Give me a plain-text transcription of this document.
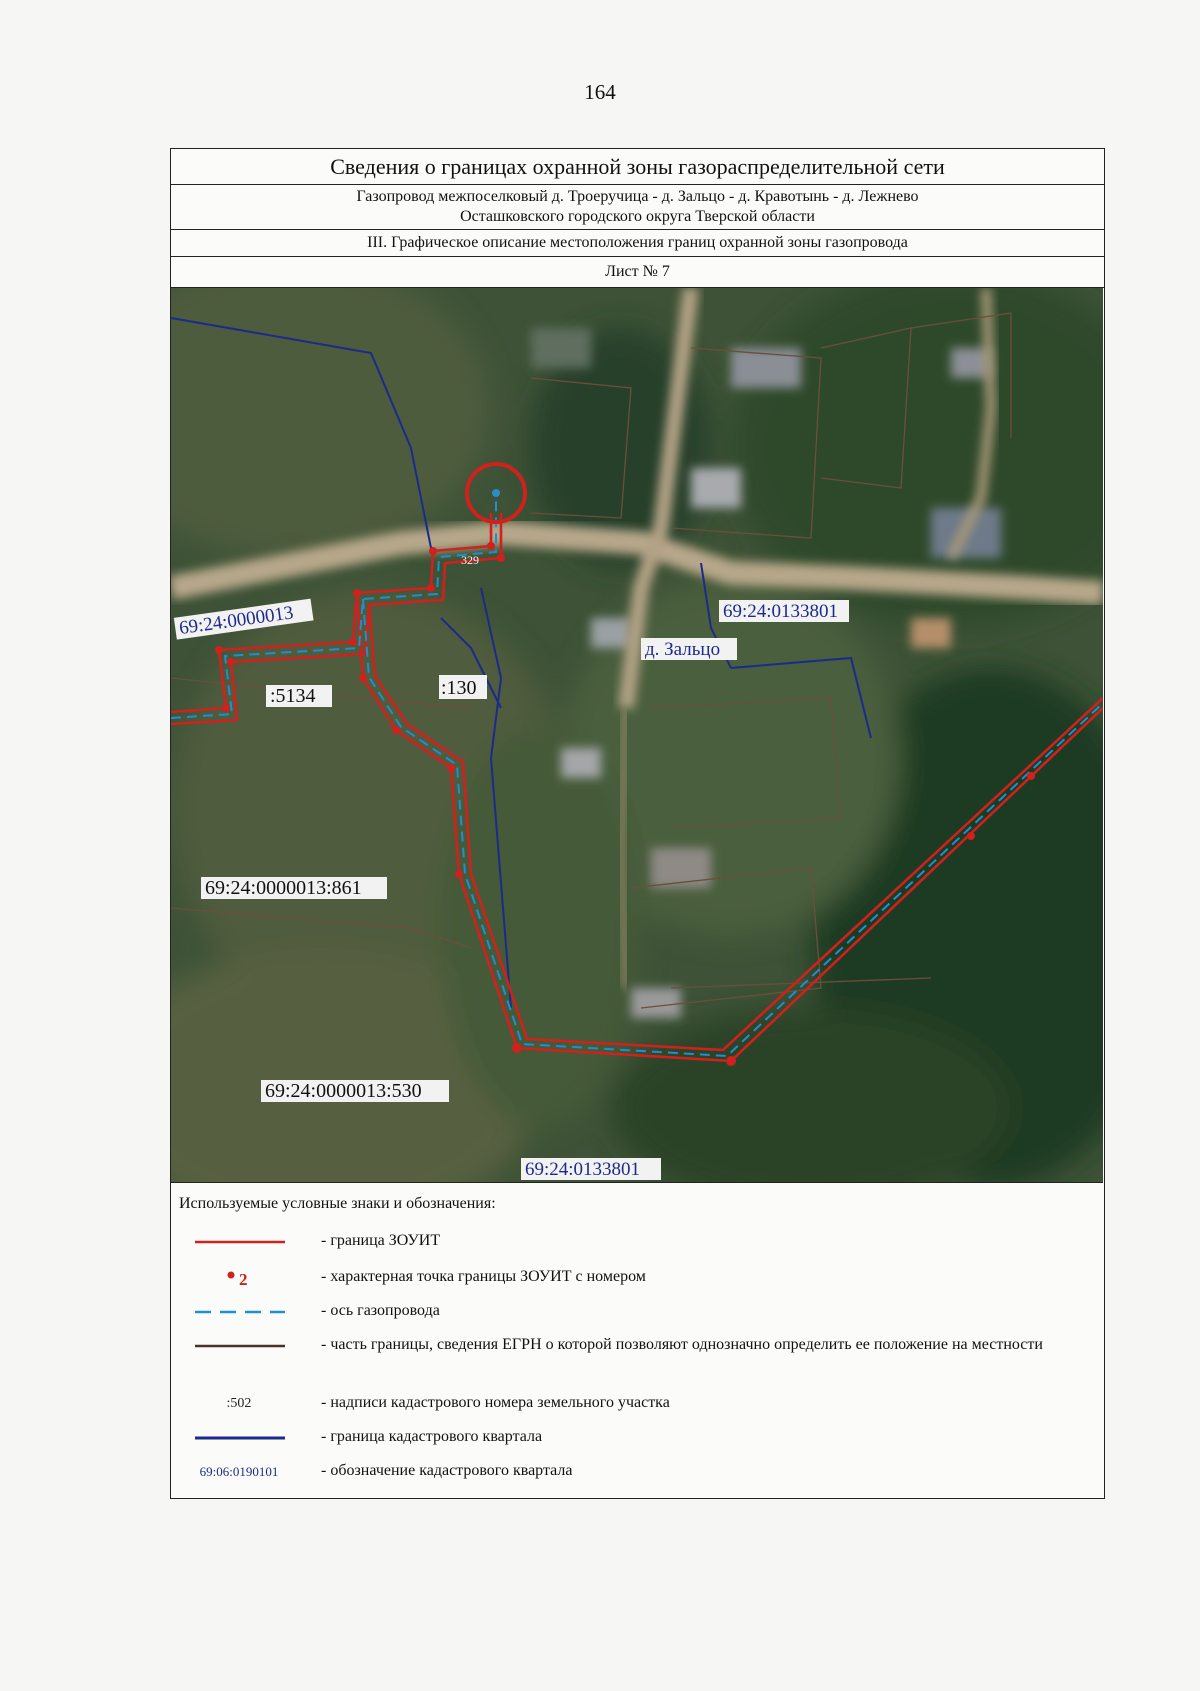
164
Сведения о границах охранной зоны газораспределительной сети
Газопровод межпоселковый д. Троеручица - д. Зальцо - д. Кравотынь - д. Лежнево
Осташковского городского округа Тверской области
III. Графическое описание местоположения границ охранной зоны газопровода
Лист № 7
69:24:0000013	69:24:0133801
69:24:0133801
д. Зальцо
:5134	:130
69:24:0000013:861
69:24:0000013:530
329
Используемые условные знаки и обозначения:
- граница ЗОУИТ
2	- характерная точка границы ЗОУИТ с номером
- ось газопровода
- часть границы, сведения ЕГРН о которой позволяют однозначно определить ее положение на местности
:502	- надписи кадастрового номера земельного участка
- граница кадастрового квартала
69:06:0190101	- обозначение кадастрового квартала
